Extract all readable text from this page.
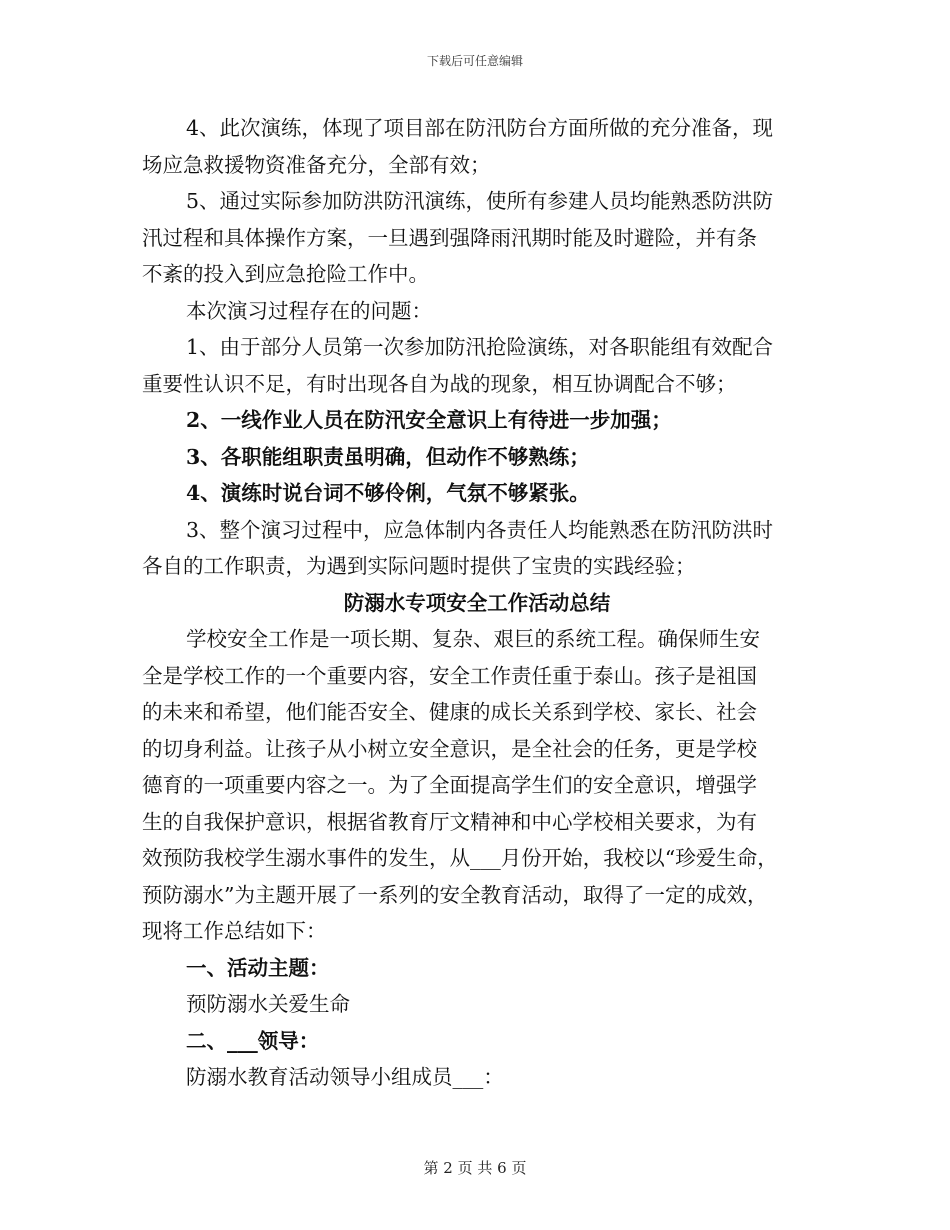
下载后可任意编辑
4、此次演练，体现了项目部在防汛防台方面所做的充分准备，现
场应急救援物资准备充分，全部有效；
5、通过实际参加防洪防汛演练，使所有参建人员均能熟悉防洪防
汛过程和具体操作方案，一旦遇到强降雨汛期时能及时避险，并有条
不紊的投入到应急抢险工作中。
本次演习过程存在的问题：
1、由于部分人员第一次参加防汛抢险演练，对各职能组有效配合
重要性认识不足，有时出现各自为战的现象，相互协调配合不够；
2、一线作业人员在防汛安全意识上有待进一步加强；
3、各职能组职责虽明确，但动作不够熟练；
4、演练时说台词不够伶俐，气氛不够紧张。
3、整个演习过程中，应急体制内各责任人均能熟悉在防汛防洪时
各自的工作职责，为遇到实际问题时提供了宝贵的实践经验；
防溺水专项安全工作活动总结
学校安全工作是一项长期、复杂、艰巨的系统工程。确保师生安
全是学校工作的一个重要内容，安全工作责任重于泰山。孩子是祖国
的未来和希望，他们能否安全、健康的成长关系到学校、家长、社会
的切身利益。让孩子从小树立安全意识，是全社会的任务，更是学校
德育的一项重要内容之一。为了全面提高学生们的安全意识，增强学
生的自我保护意识，根据省教育厅文精神和中心学校相关要求，为有
效预防我校学生溺水事件的发生，从___月份开始，我校以“珍爱生命，
预防溺水”为主题开展了一系列的安全教育活动，取得了一定的成效，
现将工作总结如下：
一、活动主题：
预防溺水关爱生命
二、___领导：
防溺水教育活动领导小组成员___：
第 2 页 共 6 页
